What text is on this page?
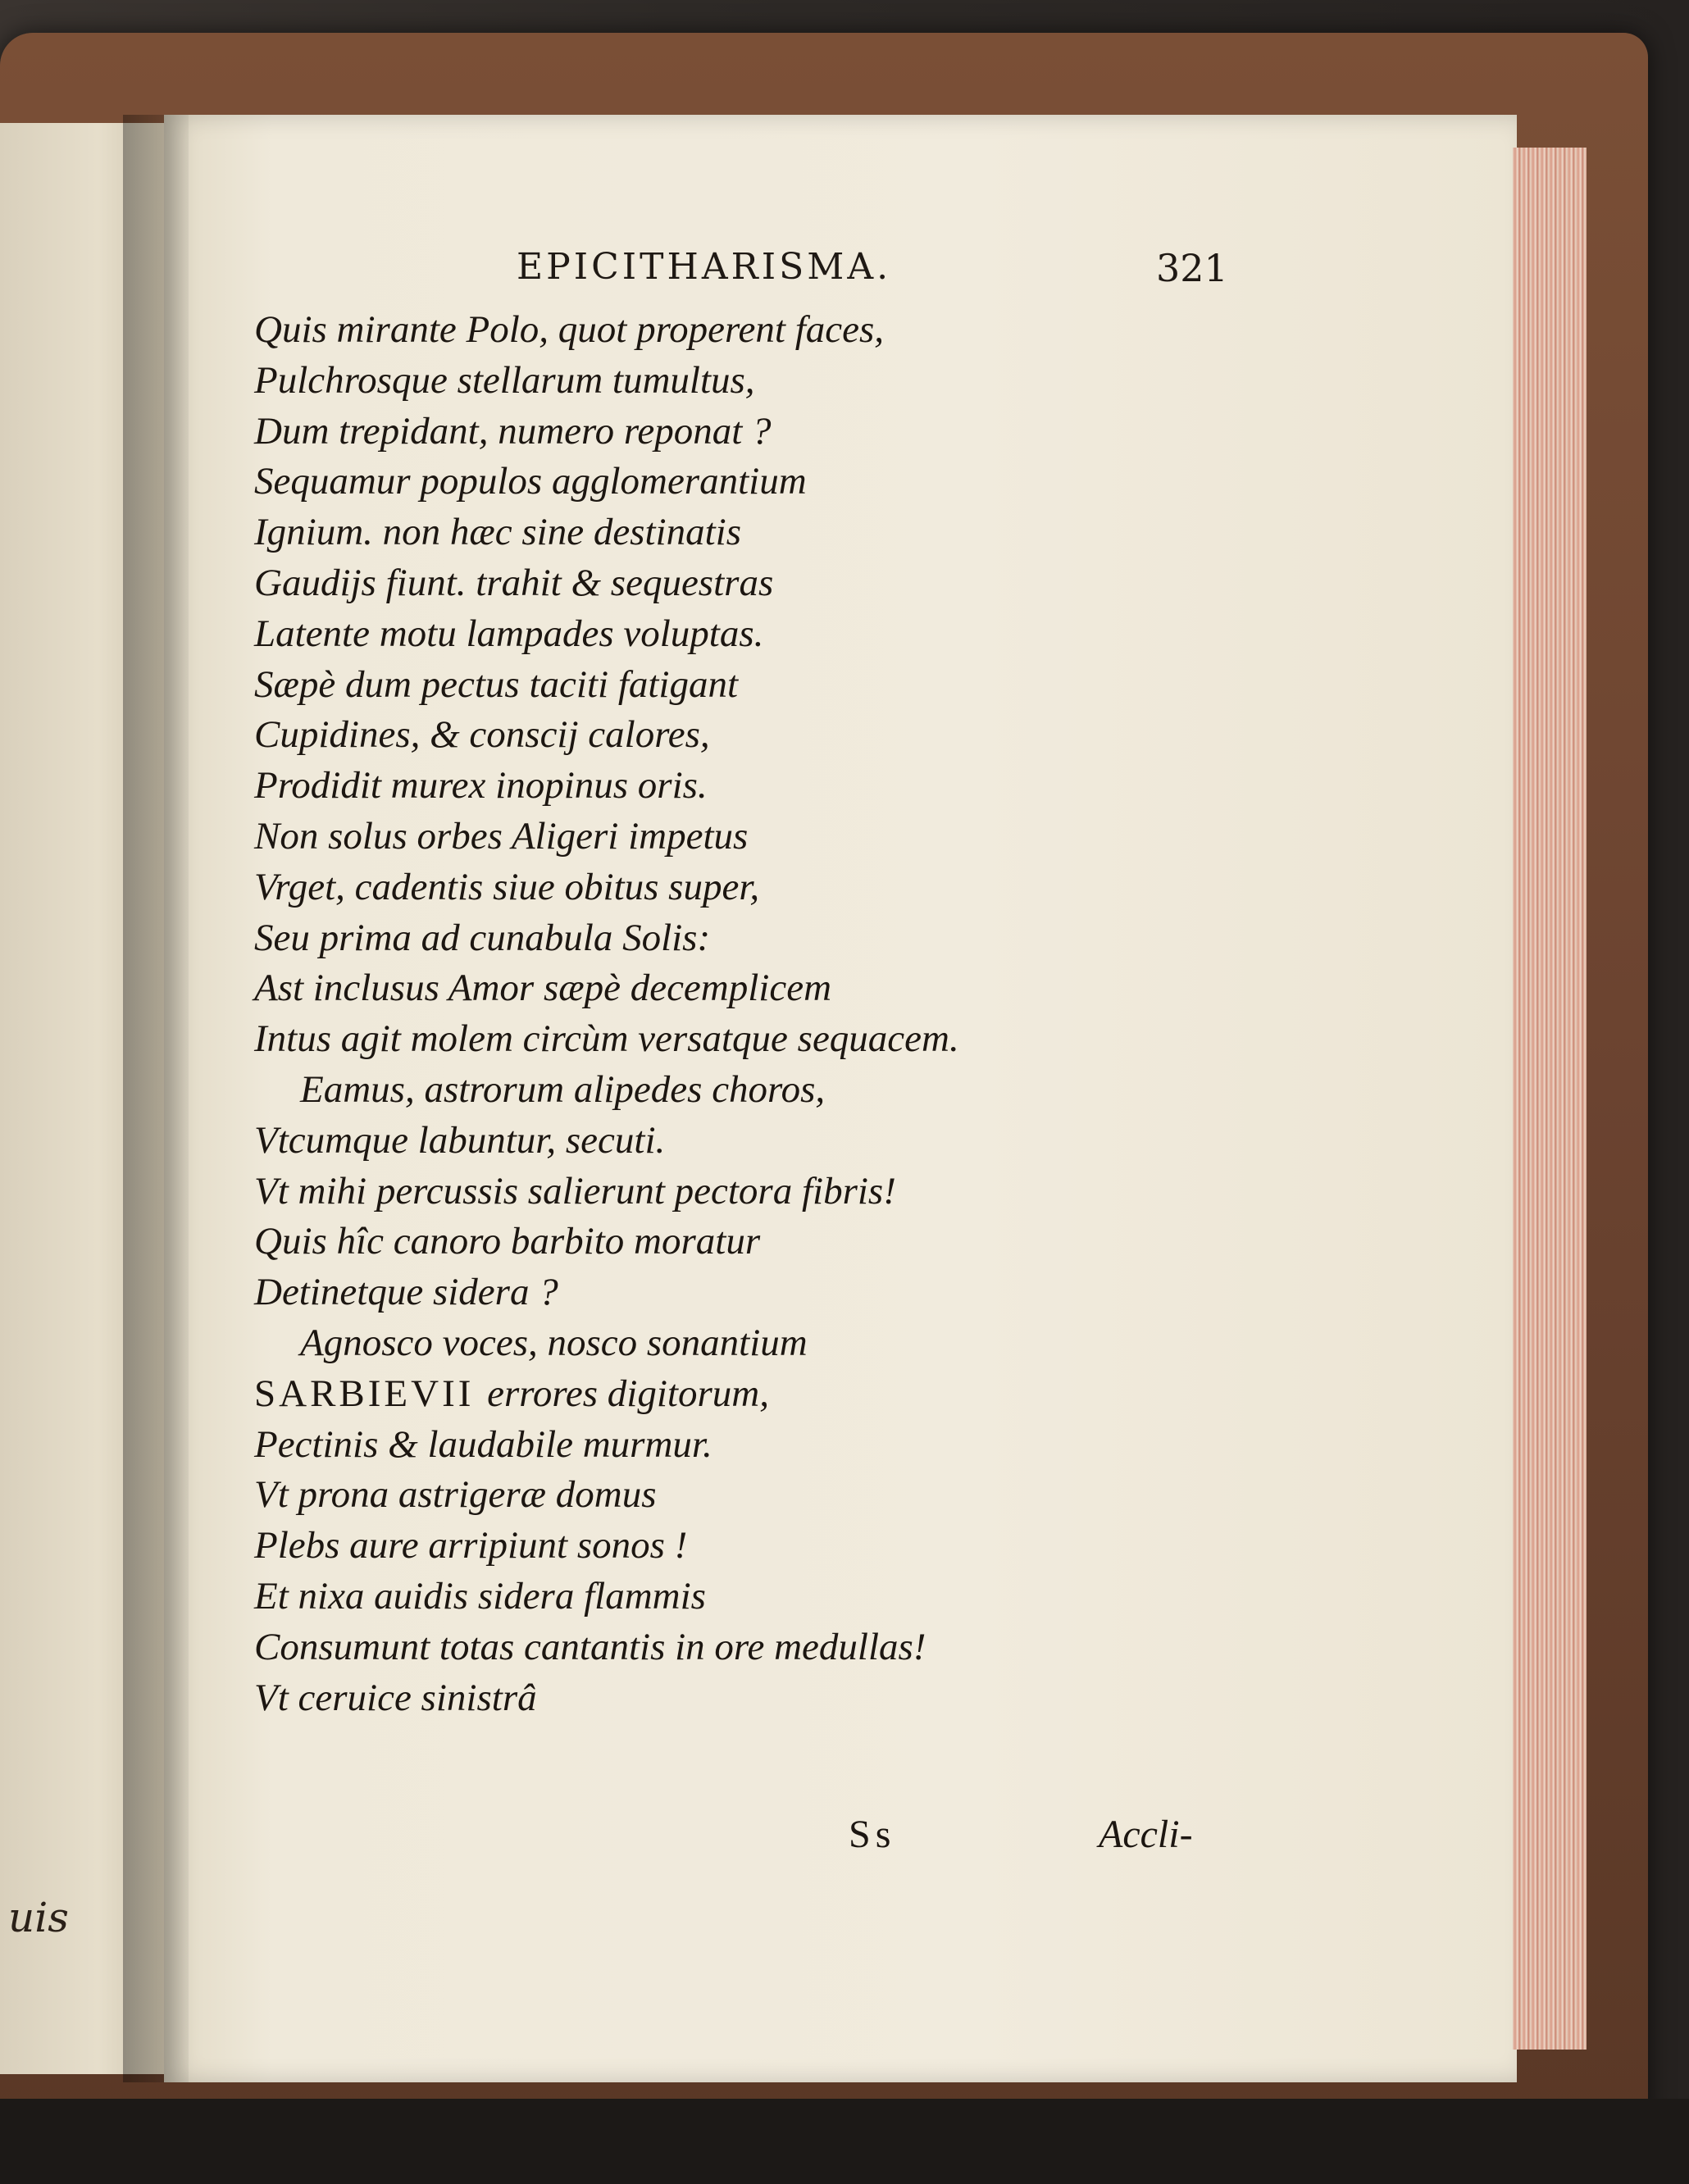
uis
EPICITHARISMA.	321
Quis mirante Polo, quot properent faces,
Pulchrosque stellarum tumultus,
Dum trepidant, numero reponat ?
Sequamur populos agglomerantium
Ignium. non hæc sine destinatis
Gaudijs fiunt. trahit & sequestras
Latente motu lampades voluptas.
Sæpè dum pectus taciti fatigant
Cupidines, & conscij calores,
Prodidit murex inopinus oris.
Non solus orbes Aligeri impetus
Vrget, cadentis siue obitus super,
Seu prima ad cunabula Solis:
Ast inclusus Amor sæpè decemplicem
Intus agit molem circùm versatque sequacem.
Eamus, astrorum alipedes choros,
Vtcumque labuntur, secuti.
Vt mihi percussis salierunt pectora fibris!
Quis hîc canoro barbito moratur
Detinetque sidera ?
Agnosco voces, nosco sonantium
SARBIEVII errores digitorum,
Pectinis & laudabile murmur.
Vt prona astrigeræ domus
Plebs aure arripiunt sonos !
Et nixa auidis sidera flammis
Consumunt totas cantantis in ore medullas!
Vt ceruice sinistrâ
Ss	Accli-
